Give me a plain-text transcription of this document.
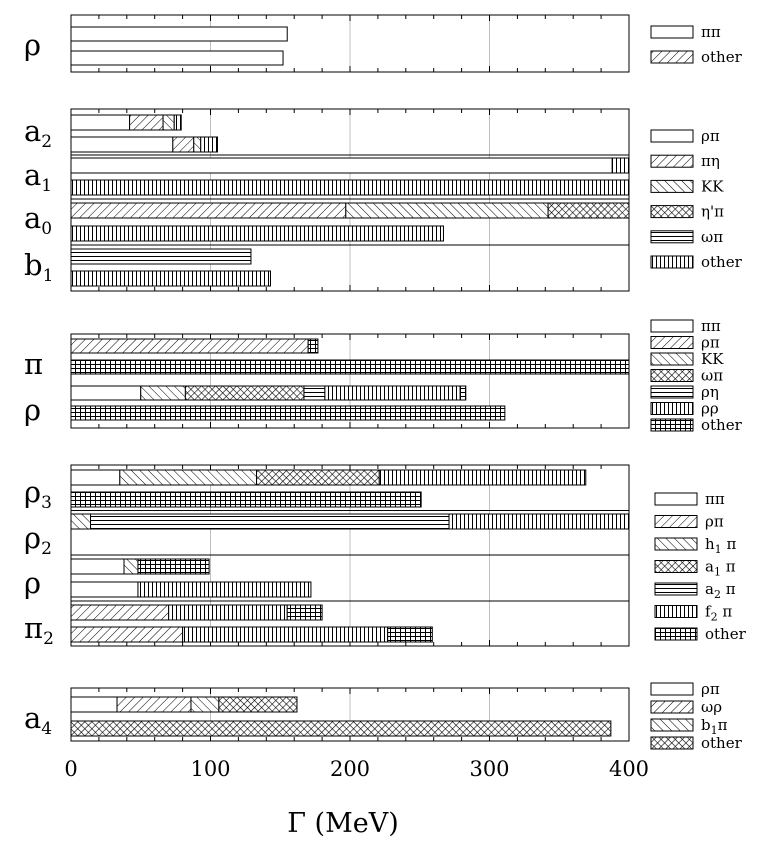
ρ	ππ
other
$a_2$
$a_1$
$a_0$
$b_1$
ρπ
πη
KK
η'π
ωπ
other
π
ρ
ππ
ρπ
KK
ωπ
ρη
ρρ
other
$\rho_3$
$\rho_2$
ρ
$\pi_2$
ππ
ρπ
$h_1$ π
$a_1$ π
$a_2$ π
$f_2$ π
other
$a_4$
ρπ
ωρ
$b_1\pi$
other
0	100	200	300	400
Γ (MeV)
